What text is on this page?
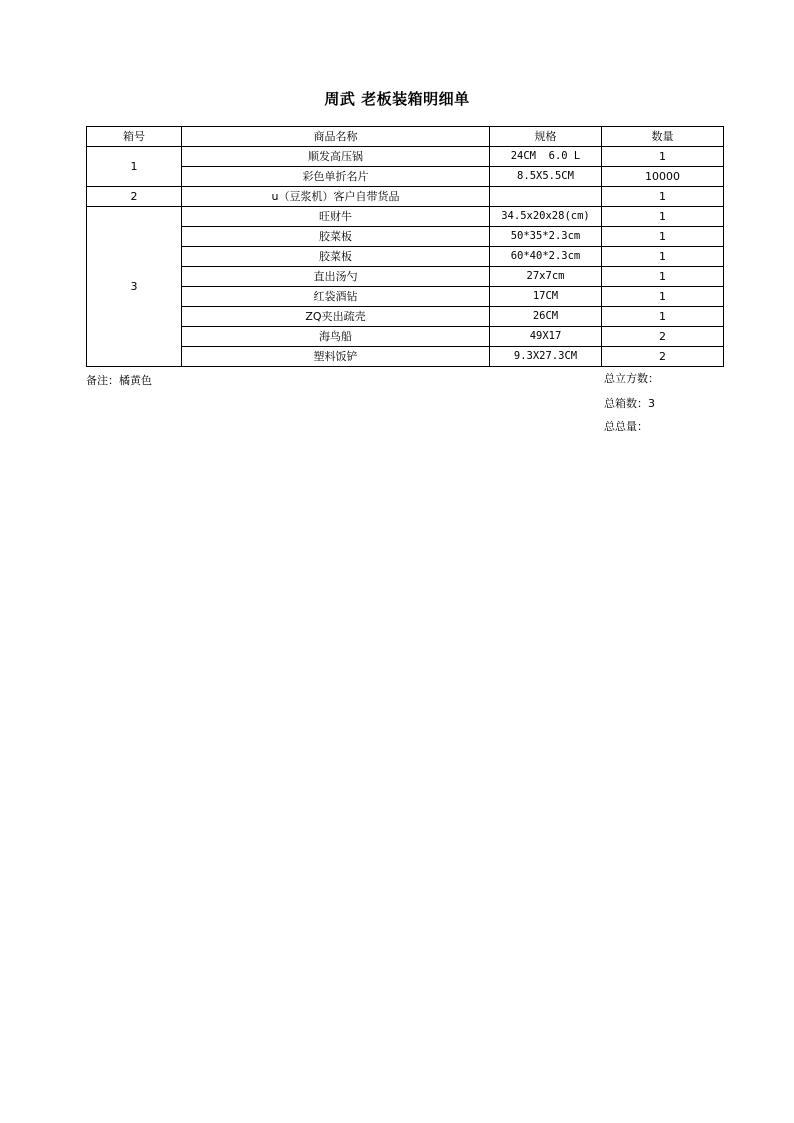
周武 老板装箱明细单
箱号	商品名称	规格	数量
1	顺发高压锅	24CM  6.0 L	1
	彩色单折名片	8.5X5.5CM	10000
2	u（豆浆机）客户自带货品		1
3	旺财牛	34.5x20x28(cm)	1
	胶菜板	50*35*2.3cm	1
	胶菜板	60*40*2.3cm	1
	直出汤勺	27x7cm	1
	红袋酒钻	17CM	1
	ZQ夹出疏壳	26CM	1
	海鸟船	49X17	2
	塑料饭铲	9.3X27.3CM	2
备注：橘黄色	总立方数：
总箱数：3
总总量：
